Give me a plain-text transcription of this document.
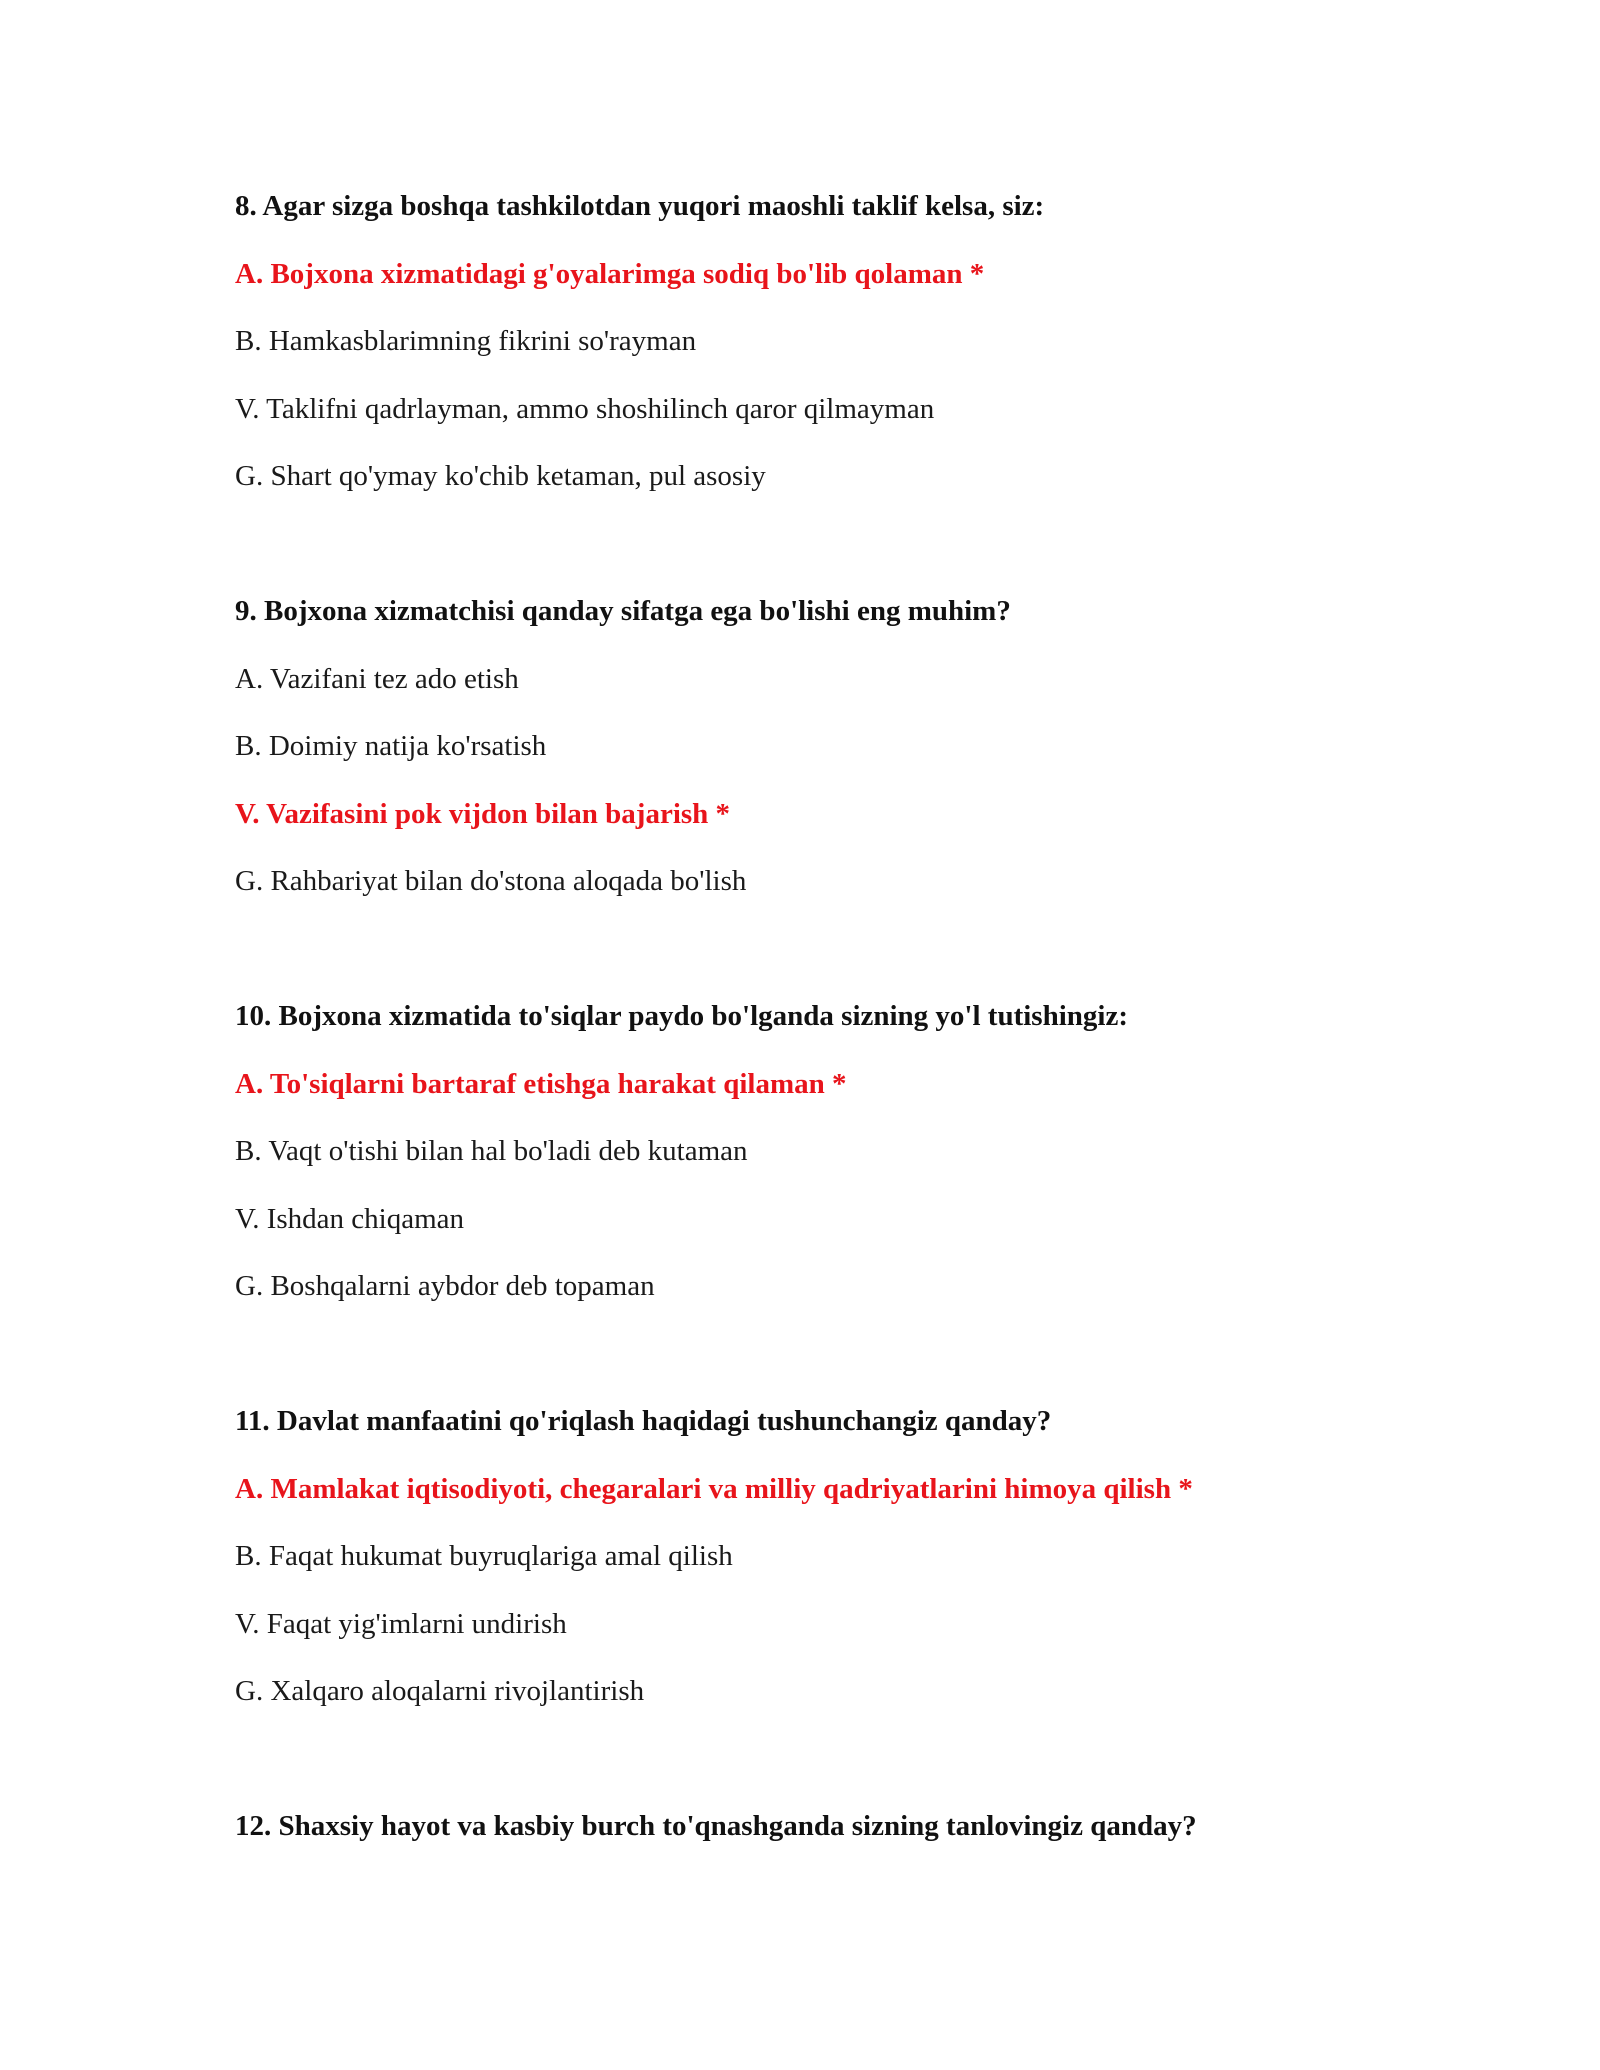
8. Agar sizga boshqa tashkilotdan yuqori maoshli taklif kelsa, siz:
A. Bojxona xizmatidagi g'oyalarimga sodiq bo'lib qolaman *
B. Hamkasblarimning fikrini so'rayman
V. Taklifni qadrlayman, ammo shoshilinch qaror qilmayman
G. Shart qo'ymay ko'chib ketaman, pul asosiy
9. Bojxona xizmatchisi qanday sifatga ega bo'lishi eng muhim?
A. Vazifani tez ado etish
B. Doimiy natija ko'rsatish
V. Vazifasini pok vijdon bilan bajarish *
G. Rahbariyat bilan do'stona aloqada bo'lish
10. Bojxona xizmatida to'siqlar paydo bo'lganda sizning yo'l tutishingiz:
A. To'siqlarni bartaraf etishga harakat qilaman *
B. Vaqt o'tishi bilan hal bo'ladi deb kutaman
V. Ishdan chiqaman
G. Boshqalarni aybdor deb topaman
11. Davlat manfaatini qo'riqlash haqidagi tushunchangiz qanday?
A. Mamlakat iqtisodiyoti, chegaralari va milliy qadriyatlarini himoya qilish *
B. Faqat hukumat buyruqlariga amal qilish
V. Faqat yig'imlarni undirish
G. Xalqaro aloqalarni rivojlantirish
12. Shaxsiy hayot va kasbiy burch to'qnashganda sizning tanlovingiz qanday?
